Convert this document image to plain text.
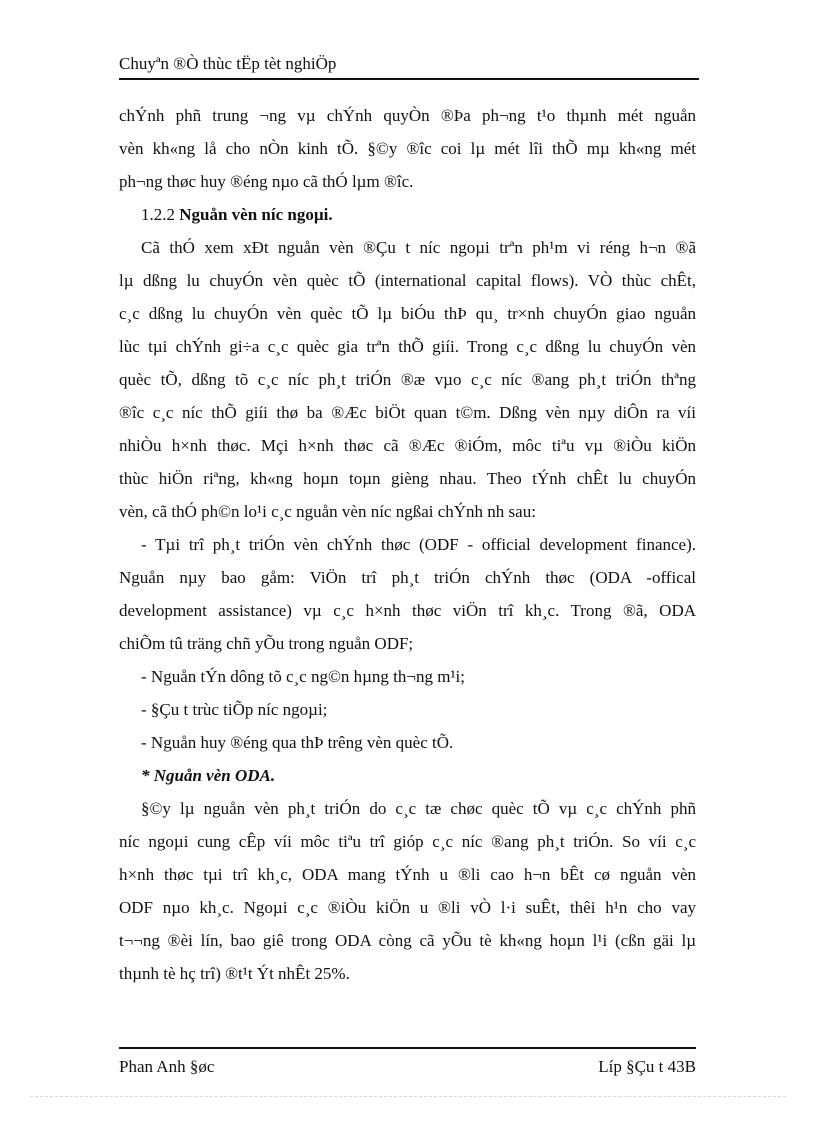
Chuyªn ®Ò thùc tËp tèt nghiÖp
chÝnh phñ trung ¬ng vµ chÝnh quyÒn ®Þa ph¬ng t¹o thµnh mét nguån
vèn kh«ng lå cho nÒn kinh tÕ. §©y ®îc coi lµ mét lîi thÕ mµ kh«ng mét
ph¬ng thøc huy ®éng nµo cã thÓ lµm ®îc.
1.2.2 Nguån vèn níc ngoµi.
Cã thÓ xem xÐt nguån vèn ®Çu t níc ngoµi trªn ph¹m vi réng h¬n ®ã
lµ dßng lu chuyÓn vèn quèc tÕ (international capital flows). VÒ thùc chÊt,
c¸c dßng lu chuyÓn vèn quèc tÕ lµ biÓu thÞ qu¸ tr×nh chuyÓn giao nguån
lùc tµi chÝnh gi÷a c¸c quèc gia trªn thÕ giíi. Trong c¸c dßng lu chuyÓn vèn
quèc tÕ, dßng tõ c¸c níc ph¸t triÓn ®æ vµo c¸c níc ®ang ph¸t triÓn thªng
®îc c¸c níc thÕ giíi thø ba ®Æc biÖt quan t©m. Dßng vèn nµy diÔn ra víi
nhiÒu h×nh thøc. Mçi h×nh thøc cã ®Æc ®iÓm, môc tiªu vµ ®iÒu kiÖn
thùc hiÖn riªng, kh«ng hoµn toµn gièng nhau. Theo tÝnh chÊt lu chuyÓn
vèn, cã thÓ ph©n lo¹i c¸c nguån vèn níc ngßai chÝnh nh sau:
- Tµi trî ph¸t triÓn vèn chÝnh thøc (ODF - official development finance).
Nguån nµy bao gåm: ViÖn trî ph¸t triÓn chÝnh thøc (ODA -offical
development assistance) vµ c¸c h×nh thøc viÖn trî kh¸c. Trong ®ã, ODA
chiÕm tû träng chñ yÕu trong nguån ODF;
- Nguån tÝn dông tõ c¸c ng©n hµng th¬ng m¹i;
- §Çu t trùc tiÕp níc ngoµi;
- Nguån huy ®éng qua thÞ trêng vèn quèc tÕ.
* Nguån vèn ODA.
§©y lµ nguån vèn ph¸t triÓn do c¸c tæ chøc quèc tÕ vµ c¸c chÝnh phñ
níc ngoµi cung cÊp víi môc tiªu trî gióp c¸c níc ®ang ph¸t triÓn. So víi c¸c
h×nh thøc tµi trî kh¸c, ODA mang tÝnh u ®li cao h¬n bÊt cø nguån vèn
ODF nµo kh¸c. Ngoµi c¸c ®iÒu kiÖn u ®li vÒ l·i suÊt, thêi h¹n cho vay
t¬¬ng ®èi lín, bao giê trong ODA còng cã yÕu tè kh«ng hoµn l¹i (cßn gäi lµ
thµnh tè hç trî) ®t¹t Ýt nhÊt 25%.
Phan Anh §øc	Líp §Çu t 43B
